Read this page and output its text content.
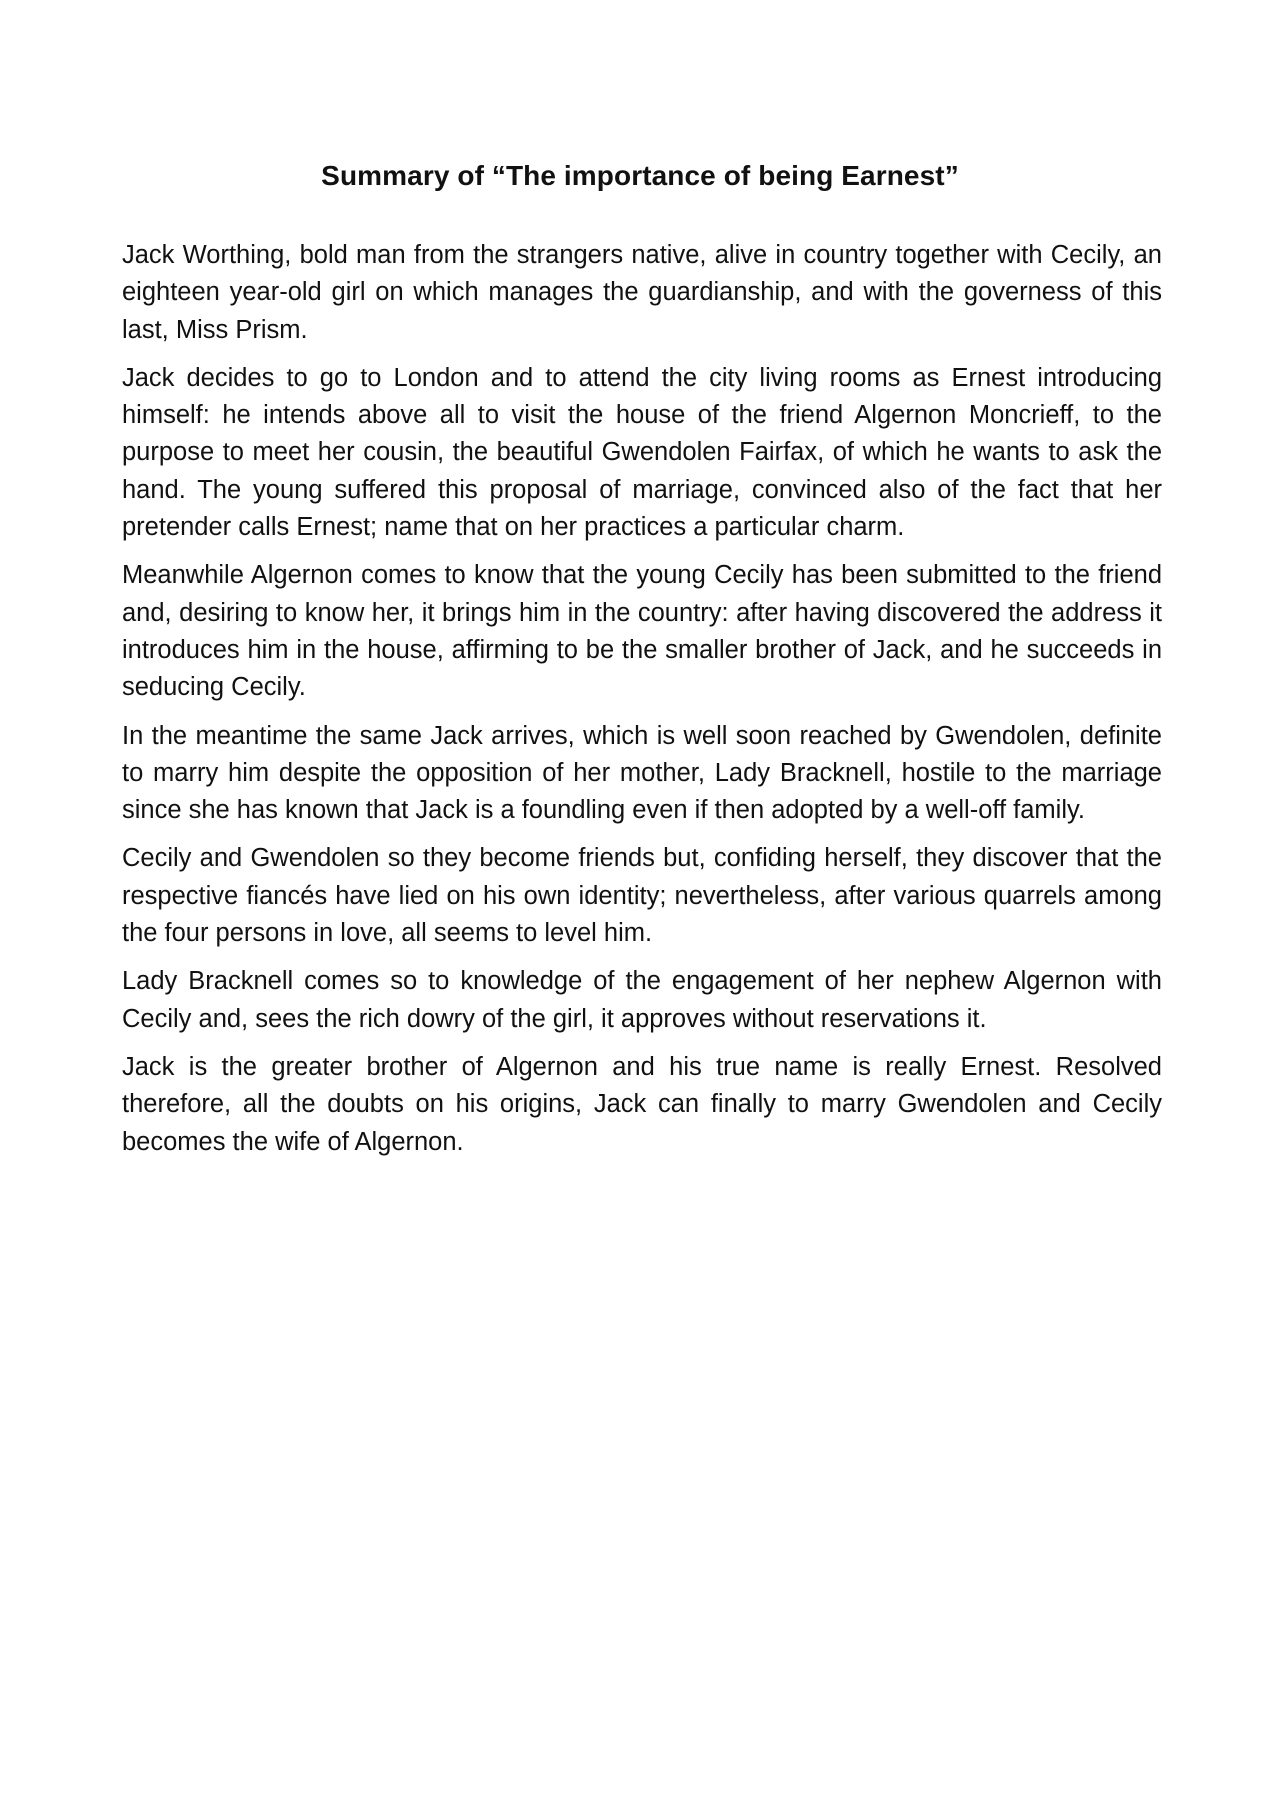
Summary of “The importance of being Earnest”

Jack Worthing, bold man from the strangers native, alive in country together with Cecily, an eighteen year-old girl on which manages the guardianship, and with the governess of this last, Miss Prism.

Jack decides to go to London and to attend the city living rooms as Ernest introducing himself: he intends above all to visit the house of the friend Algernon Moncrieff, to the purpose to meet her cousin, the beautiful Gwendolen Fairfax, of which he wants to ask the hand. The young suffered this proposal of marriage, convinced also of the fact that her pretender calls Ernest; name that on her practices a particular charm.

Meanwhile Algernon comes to know that the young Cecily has been submitted to the friend and, desiring to know her, it brings him in the country: after having discovered the address it introduces him in the house, affirming to be the smaller brother of Jack, and he succeeds in seducing Cecily.

In the meantime the same Jack arrives, which is well soon reached by Gwendolen, definite to marry him despite the opposition of her mother, Lady Bracknell, hostile to the marriage since she has known that Jack is a foundling even if then adopted by a well-off family.

Cecily and Gwendolen so they become friends but, confiding herself, they discover that the respective fiancés have lied on his own identity; nevertheless, after various quarrels among the four persons in love, all seems to level him.

Lady Bracknell comes so to knowledge of the engagement of her nephew Algernon with Cecily and, sees the rich dowry of the girl, it approves without reservations it.

Jack is the greater brother of Algernon and his true name is really Ernest. Resolved therefore, all the doubts on his origins, Jack can finally to marry Gwendolen and Cecily becomes the wife of Algernon.
